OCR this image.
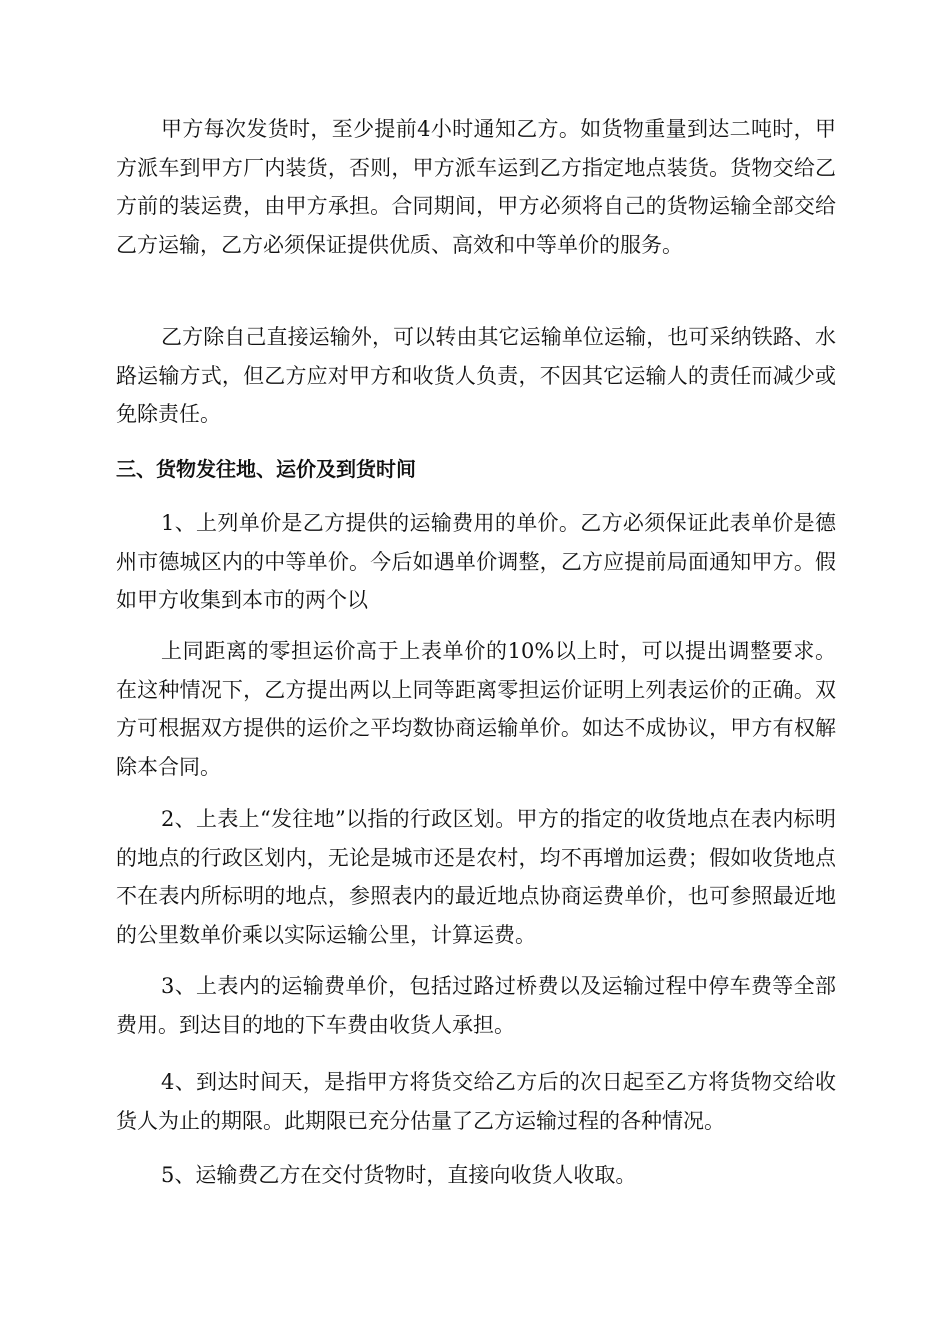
甲方每次发货时，至少提前4小时通知乙方。如货物重量到达二吨时，甲方派车到甲方厂内装货，否则，甲方派车运到乙方指定地点装货。货物交给乙方前的装运费，由甲方承担。合同期间，甲方必须将自己的货物运输全部交给乙方运输，乙方必须保证提供优质、高效和中等单价的服务。

乙方除自己直接运输外，可以转由其它运输单位运输，也可采纳铁路、水路运输方式，但乙方应对甲方和收货人负责，不因其它运输人的责任而减少或免除责任。

三、货物发往地、运价及到货时间

1、上列单价是乙方提供的运输费用的单价。乙方必须保证此表单价是德州市德城区内的中等单价。今后如遇单价调整，乙方应提前局面通知甲方。假如甲方收集到本市的两个以

上同距离的零担运价高于上表单价的10%以上时，可以提出调整要求。在这种情况下，乙方提出两以上同等距离零担运价证明上列表运价的正确。双方可根据双方提供的运价之平均数协商运输单价。如达不成协议，甲方有权解除本合同。

2、上表上“发往地”以指的行政区划。甲方的指定的收货地点在表内标明的地点的行政区划内，无论是城市还是农村，均不再增加运费；假如收货地点不在表内所标明的地点，参照表内的最近地点协商运费单价，也可参照最近地的公里数单价乘以实际运输公里，计算运费。

3、上表内的运输费单价，包括过路过桥费以及运输过程中停车费等全部费用。到达目的地的下车费由收货人承担。

4、到达时间天，是指甲方将货交给乙方后的次日起至乙方将货物交给收货人为止的期限。此期限已充分估量了乙方运输过程的各种情况。

5、运输费乙方在交付货物时，直接向收货人收取。
